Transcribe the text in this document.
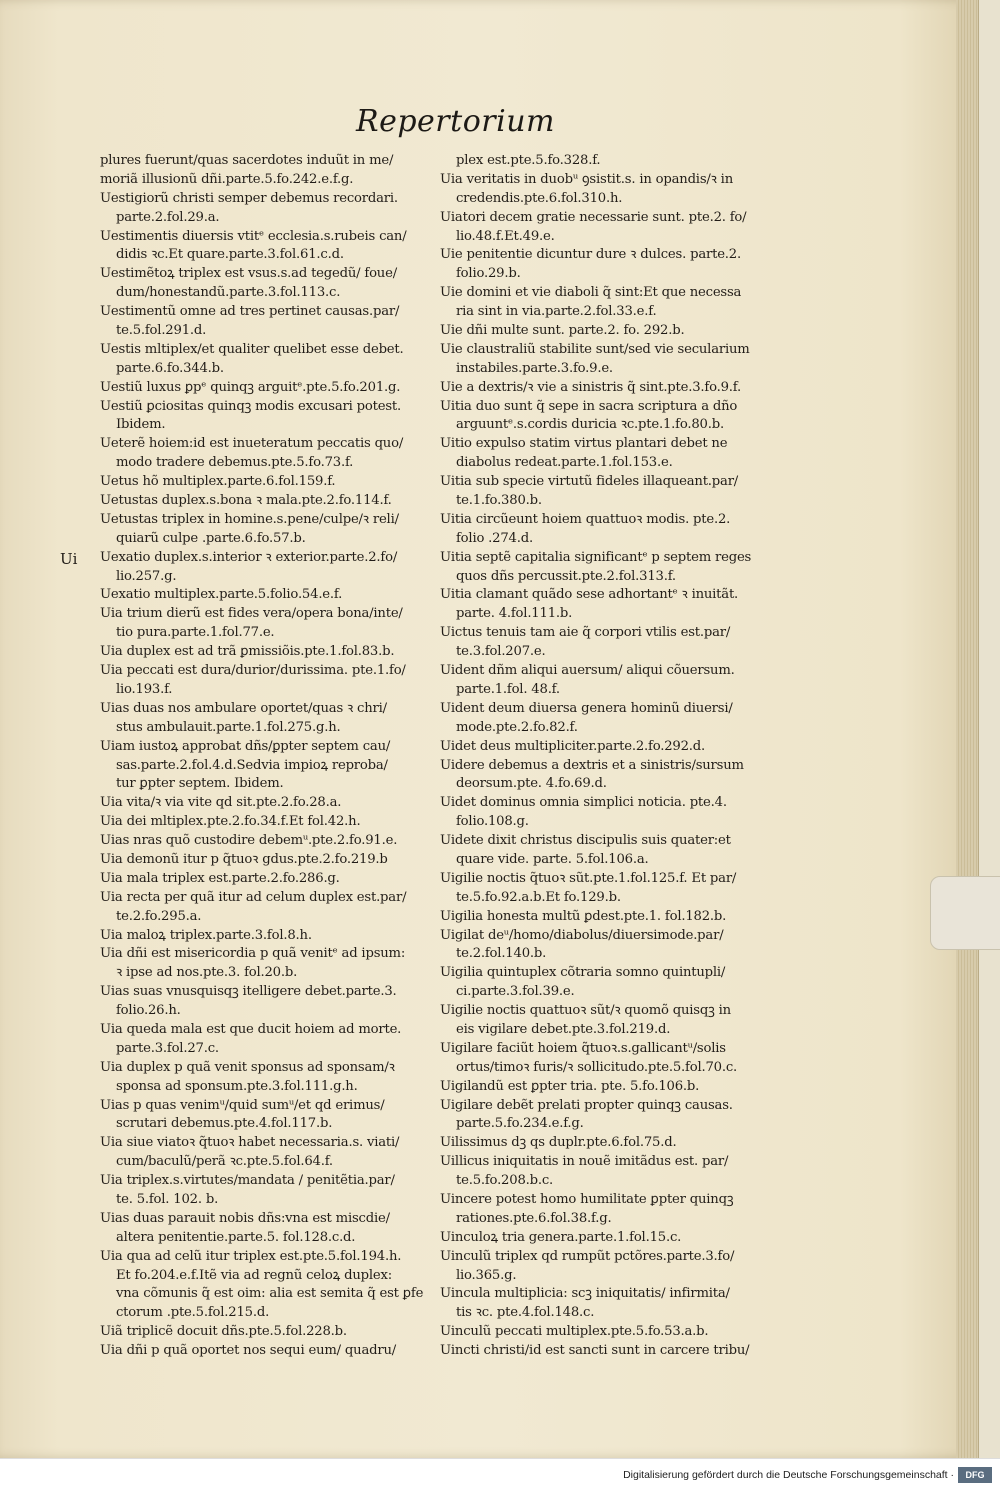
Repertorium
Ui
plures fuerunt/quas sacerdotes induũt in me/
moriã illusionũ dñi.parte.5.fo.242.e.f.g.
Uestigiorũ christi semper debemus recordari.
parte.2.fol.29.a.
Uestimentis diuersis vtitᵉ ecclesia.s.rubeis can/
didis ꝛc.Et quare.parte.3.fol.61.c.d.
Uestimẽtoꝝ triplex est vsus.s.ad tegedũ/ foue/
dum/honestandũ.parte.3.fol.113.c.
Uestimentũ omne ad tres pertinet causas.par/
te.5.fol.291.d.
Uestis mltiplex/et qualiter quelibet esse debet.
parte.6.fo.344.b.
Uestiũ luxus ꝑpᵉ quinqꝫ arguitᵉ.pte.5.fo.201.g.
Uestiũ ꝑciositas quinqꝫ modis excusari potest.
Ibidem.
Ueterẽ hoiem:id est inueteratum peccatis quo/
modo tradere debemus.pte.5.fo.73.f.
Uetus hõ multiplex.parte.6.fol.159.f.
Uetustas duplex.s.bona ꝛ mala.pte.2.fo.114.f.
Uetustas triplex in homine.s.pene/culpe/ꝛ reli/
quiarũ culpe .parte.6.fo.57.b.
Uexatio duplex.s.interior ꝛ exterior.parte.2.fo/
lio.257.g.
Uexatio multiplex.parte.5.folio.54.e.f.
Uia trium dierũ est fides vera/opera bona/inte/
tio pura.parte.1.fol.77.e.
Uia duplex est ad trã ꝑmissiõis.pte.1.fol.83.b.
Uia peccati est dura/durior/durissima. pte.1.fo/
lio.193.f.
Uias duas nos ambulare oportet/quas ꝛ chri/
stus ambulauit.parte.1.fol.275.g.h.
Uiam iustoꝝ approbat dñs/ꝑpter septem cau/
sas.parte.2.fol.4.d.Sedvia impioꝝ reproba/
tur ꝑpter septem. Ibidem.
Uia vita/ꝛ via vite qd sit.pte.2.fo.28.a.
Uia dei mltiplex.pte.2.fo.34.f.Et fol.42.h.
Uias nras quõ custodire debemᵘ.pte.2.fo.91.e.
Uia demonũ itur p q̃tuoꝛ gdus.pte.2.fo.219.b
Uia mala triplex est.parte.2.fo.286.g.
Uia recta per quã itur ad celum duplex est.par/
te.2.fo.295.a.
Uia maloꝝ triplex.parte.3.fol.8.h.
Uia dñi est misericordia p quã venitᵉ ad ipsum:
ꝛ ipse ad nos.pte.3. fol.20.b.
Uias suas vnusquisqꝫ itelligere debet.parte.3.
folio.26.h.
Uia queda mala est que ducit hoiem ad morte.
parte.3.fol.27.c.
Uia duplex p quã venit sponsus ad sponsam/ꝛ
sponsa ad sponsum.pte.3.fol.111.g.h.
Uias p quas venimᵘ/quid sumᵘ/et qd erimus/
scrutari debemus.pte.4.fol.117.b.
Uia siue viatoꝛ q̃tuoꝛ habet necessaria.s. viati/
cum/baculũ/perã ꝛc.pte.5.fol.64.f.
Uia triplex.s.virtutes/mandata / penitẽtia.par/
te. 5.fol. 102. b.
Uias duas parauit nobis dñs:vna est miscdie/
altera penitentie.parte.5. fol.128.c.d.
Uia qua ad celũ itur triplex est.pte.5.fol.194.h.
Et fo.204.e.f.Itẽ via ad regnũ celoꝝ duplex:
vna cõmunis q̃ est oim: alia est semita q̃ est ꝑfe
ctorum .pte.5.fol.215.d.
Uiã triplicẽ docuit dñs.pte.5.fol.228.b.
Uia dñi p quã oportet nos sequi eum/ quadru/
plex est.pte.5.fo.328.f.
Uia veritatis in duobᵘ ꝯsistit.s. in opandis/ꝛ in
credendis.pte.6.fol.310.h.
Uiatori decem gratie necessarie sunt. pte.2. fo/
lio.48.f.Et.49.e.
Uie penitentie dicuntur dure ꝛ dulces. parte.2.
folio.29.b.
Uie domini et vie diaboli q̃ sint:Et que necessa
ria sint in via.parte.2.fol.33.e.f.
Uie dñi multe sunt. parte.2. fo. 292.b.
Uie claustraliũ stabilite sunt/sed vie secularium
instabiles.parte.3.fo.9.e.
Uie a dextris/ꝛ vie a sinistris q̃ sint.pte.3.fo.9.f.
Uitia duo sunt q̃ sepe in sacra scriptura a dño
arguuntᵉ.s.cordis duricia ꝛc.pte.1.fo.80.b.
Uitio expulso statim virtus plantari debet ne
diabolus redeat.parte.1.fol.153.e.
Uitia sub specie virtutũ fideles illaqueant.par/
te.1.fo.380.b.
Uitia circũeunt hoiem quattuoꝛ modis. pte.2.
folio .274.d.
Uitia septẽ capitalia significantᵉ p septem reges
quos dñs percussit.pte.2.fol.313.f.
Uitia clamant quãdo sese adhortantᵉ ꝛ inuitãt.
parte. 4.fol.111.b.
Uictus tenuis tam aie q̃ corpori vtilis est.par/
te.3.fol.207.e.
Uident dñm aliqui auersum/ aliqui cõuersum.
parte.1.fol. 48.f.
Uident deum diuersa genera hominũ diuersi/
mode.pte.2.fo.82.f.
Uidet deus multipliciter.parte.2.fo.292.d.
Uidere debemus a dextris et a sinistris/sursum
deorsum.pte. 4.fo.69.d.
Uidet dominus omnia simplici noticia. pte.4.
folio.108.g.
Uidete dixit christus discipulis suis quater:et
quare vide. parte. 5.fol.106.a.
Uigilie noctis q̃tuoꝛ sũt.pte.1.fol.125.f. Et par/
te.5.fo.92.a.b.Et fo.129.b.
Uigilia honesta multũ ꝑdest.pte.1. fol.182.b.
Uigilat deᵘ/homo/diabolus/diuersimode.par/
te.2.fol.140.b.
Uigilia quintuplex cõtraria somno quintupli/
ci.parte.3.fol.39.e.
Uigilie noctis quattuoꝛ sũt/ꝛ quomõ quisqꝫ in
eis vigilare debet.pte.3.fol.219.d.
Uigilare faciũt hoiem q̃tuoꝛ.s.gallicantᵘ/solis
ortus/timoꝛ furis/ꝛ sollicitudo.pte.5.fol.70.c.
Uigilandũ est ꝑpter tria. pte. 5.fo.106.b.
Uigilare debẽt prelati propter quinqꝫ causas.
parte.5.fo.234.e.f.g.
Uilissimus dꝫ qs duplr.pte.6.fol.75.d.
Uillicus iniquitatis in nouẽ imitãdus est. par/
te.5.fo.208.b.c.
Uincere potest homo humilitate ꝑpter quinqꝫ
rationes.pte.6.fol.38.f.g.
Uinculoꝝ tria genera.parte.1.fol.15.c.
Uinculũ triplex qd rumpũt pctõres.parte.3.fo/
lio.365.g.
Uincula multiplicia: scꝫ iniquitatis/ infirmita/
tis ꝛc. pte.4.fol.148.c.
Uinculũ peccati multiplex.pte.5.fo.53.a.b.
Uincti christi/id est sancti sunt in carcere tribu/
Digitalisierung gefördert durch die Deutsche Forschungsgemeinschaft ·	DFG
